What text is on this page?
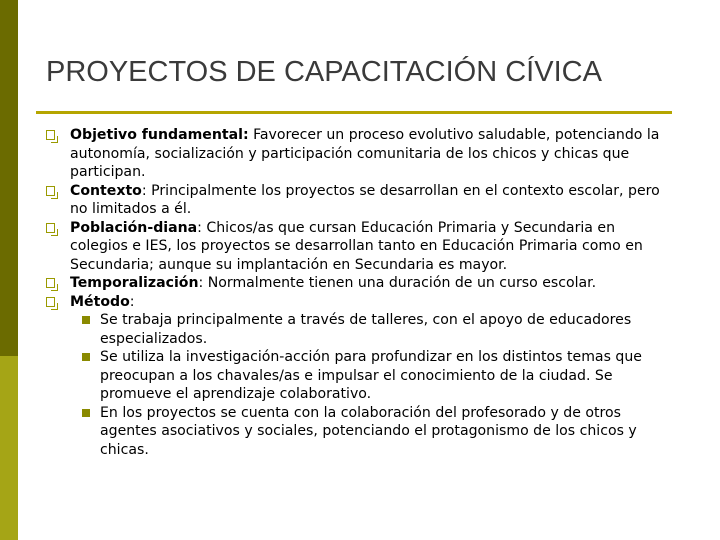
PROYECTOS DE CAPACITACIÓN CÍVICA
Objetivo fundamental: Favorecer un proceso evolutivo saludable, potenciando la autonomía, socialización y participación comunitaria de los chicos y chicas que participan.
Contexto: Principalmente los proyectos se desarrollan en el contexto escolar, pero no limitados a él.
Población-diana: Chicos/as que cursan Educación Primaria y Secundaria en colegios e IES, los proyectos se desarrollan tanto en Educación Primaria como en Secundaria; aunque su implantación en Secundaria es mayor.
Temporalización: Normalmente tienen una duración de un curso escolar.
Método:
Se trabaja principalmente a través de talleres, con el apoyo de educadores especializados.
Se utiliza la investigación-acción para profundizar en los distintos temas que preocupan a los chavales/as e impulsar el conocimiento de la ciudad. Se promueve el aprendizaje colaborativo.
En los proyectos se cuenta con la colaboración del profesorado y de otros agentes asociativos y sociales, potenciando el protagonismo de los chicos y chicas.
